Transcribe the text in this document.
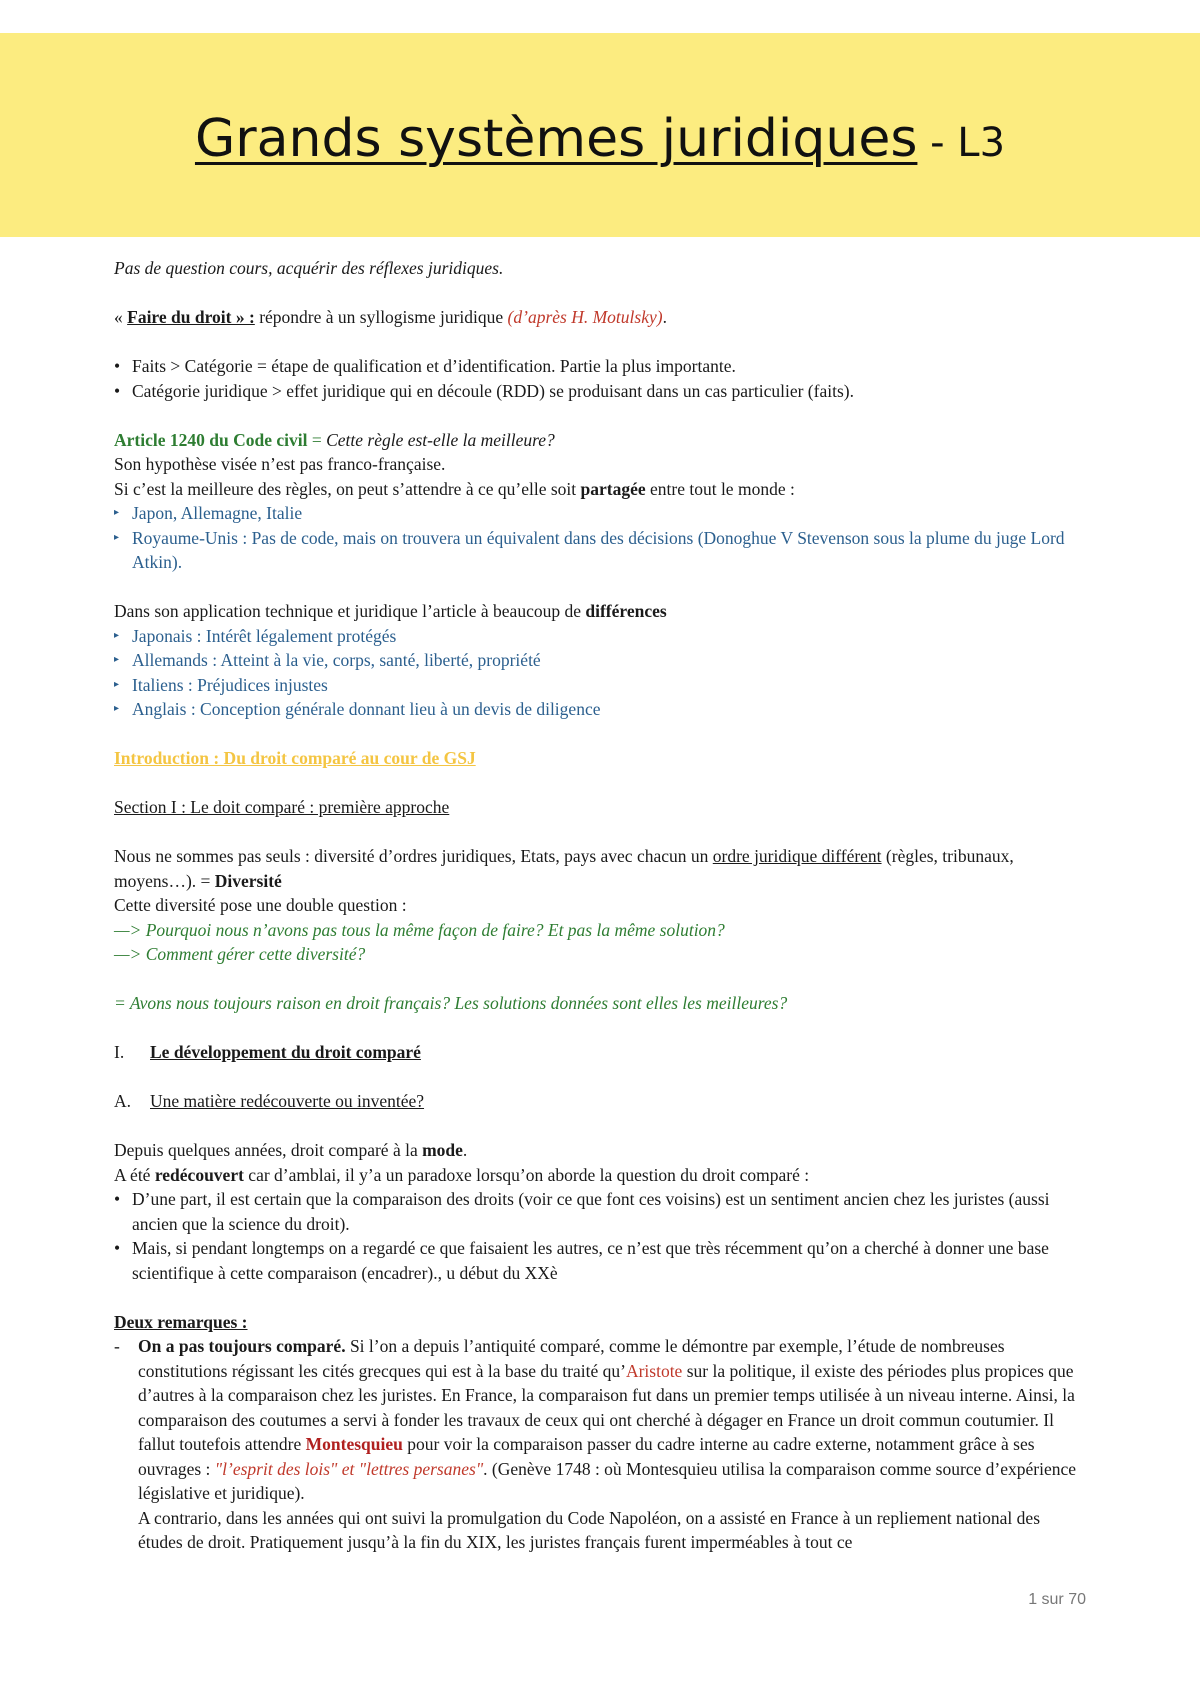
Grands systèmes juridiques - L3

Pas de question cours, acquérir des réflexes juridiques.

« Faire du droit » : répondre à un syllogisme juridique (d’après H. Motulsky).

• Faits > Catégorie = étape de qualification et d’identification. Partie la plus importante.
• Catégorie juridique > effet juridique qui en découle (RDD) se produisant dans un cas particulier (faits).

Article 1240 du Code civil = Cette règle est-elle la meilleure?

Son hypothèse visée n’est pas franco-française.

Si c’est la meilleure des règles, on peut s’attendre à ce qu’elle soit partagée entre tout le monde :

▸ Japon, Allemagne, Italie
▸ Royaume-Unis : Pas de code, mais on trouvera un équivalent dans des décisions (Donoghue V Stevenson sous la plume du juge Lord Atkin).

Dans son application technique et juridique l’article à beaucoup de différences

▸ Japonais : Intérêt légalement protégés
▸ Allemands : Atteint à la vie, corps, santé, liberté, propriété
▸ Italiens : Préjudices injustes
▸ Anglais : Conception générale donnant lieu à un devis de diligence

Introduction : Du droit comparé au cour de GSJ

Section I : Le doit comparé : première approche

Nous ne sommes pas seuls : diversité d’ordres juridiques, Etats, pays avec chacun un ordre juridique différent (règles, tribunaux, moyens…). = Diversité

Cette diversité pose une double question :

—> Pourquoi nous n’avons pas tous la même façon de faire? Et pas la même solution?

—> Comment gérer cette diversité?

= Avons nous toujours raison en droit français? Les solutions données sont elles les meilleures?

I.	Le développement du droit comparé

A.	Une matière redécouverte ou inventée?

Depuis quelques années, droit comparé à la mode.

A été redécouvert car d’amblai, il y’a un paradoxe lorsqu’on aborde la question du droit comparé :

• D’une part, il est certain que la comparaison des droits (voir ce que font ces voisins) est un sentiment ancien chez les juristes (aussi ancien que la science du droit).
• Mais, si pendant longtemps on a regardé ce que faisaient les autres, ce n’est que très récemment qu’on a cherché à donner une base scientifique à cette comparaison (encadrer)., u début du XXè

Deux remarques :

- On a pas toujours comparé. Si l’on a depuis l’antiquité comparé, comme le démontre par exemple, l’étude de nombreuses constitutions régissant les cités grecques qui est à la base du traité qu’Aristote sur la politique, il existe des périodes plus propices que d’autres à la comparaison chez les juristes. En France, la comparaison fut dans un premier temps utilisée à un niveau interne. Ainsi, la comparaison des coutumes a servi à fonder les travaux de ceux qui ont cherché à dégager en France un droit commun coutumier. Il fallut toutefois attendre Montesquieu pour voir la comparaison passer du cadre interne au cadre externe, notamment grâce à ses ouvrages : "l’esprit des lois" et "lettres persanes". (Genève 1748 : où Montesquieu utilisa la comparaison comme source d’expérience législative et juridique).

A contrario, dans les années qui ont suivi la promulgation du Code Napoléon, on a assisté en France à un repliement national des études de droit. Pratiquement jusqu’à la fin du XIX, les juristes français furent imperméables à tout ce

1 sur 70
